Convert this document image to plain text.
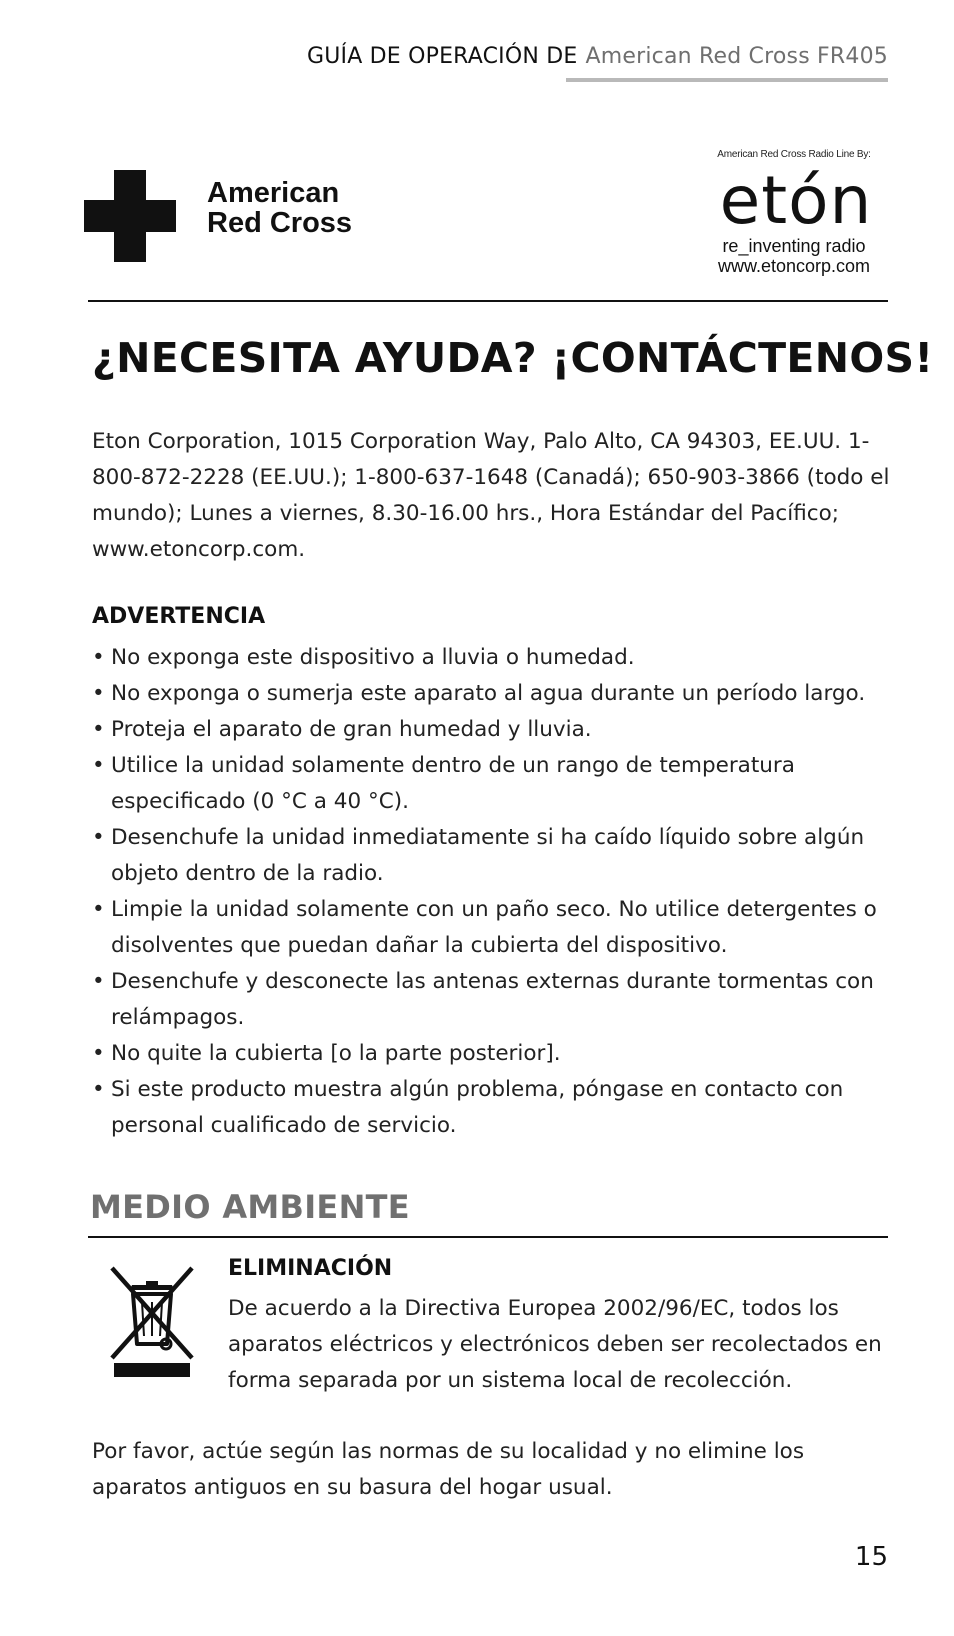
GUÍA DE OPERACIÓN DE American Red Cross FR405

American
Red Cross

American Red Cross Radio Line By:
etón
re_inventing radio
www.etoncorp.com
¿NECESITA AYUDA? ¡CONTÁCTENOS!

Eton Corporation, 1015 Corporation Way, Palo Alto, CA 94303, EE.UU. 1-800-872-2228 (EE.UU.); 1-800-637-1648 (Canadá); 650-903-3866 (todo el mundo); Lunes a viernes, 8.30-16.00 hrs., Hora Estándar del Pacífico; www.etoncorp.com.

ADVERTENCIA
• No exponga este dispositivo a lluvia o humedad.
• No exponga o sumerja este aparato al agua durante un período largo.
• Proteja el aparato de gran humedad y lluvia.
• Utilice la unidad solamente dentro de un rango de temperatura especificado (0 °C a 40 °C).
• Desenchufe la unidad inmediatamente si ha caído líquido sobre algún objeto dentro de la radio.
• Limpie la unidad solamente con un paño seco. No utilice detergentes o disolventes que puedan dañar la cubierta del dispositivo.
• Desenchufe y desconecte las antenas externas durante tormentas con relámpagos.
• No quite la cubierta [o la parte posterior].
• Si este producto muestra algún problema, póngase en contacto con personal cualificado de servicio.
MEDIO AMBIENTE
ELIMINACIÓN

De acuerdo a la Directiva Europea 2002/96/EC, todos los aparatos eléctricos y electrónicos deben ser recolectados en forma separada por un sistema local de recolección.

Por favor, actúe según las normas de su localidad y no elimine los aparatos antiguos en su basura del hogar usual.

15
